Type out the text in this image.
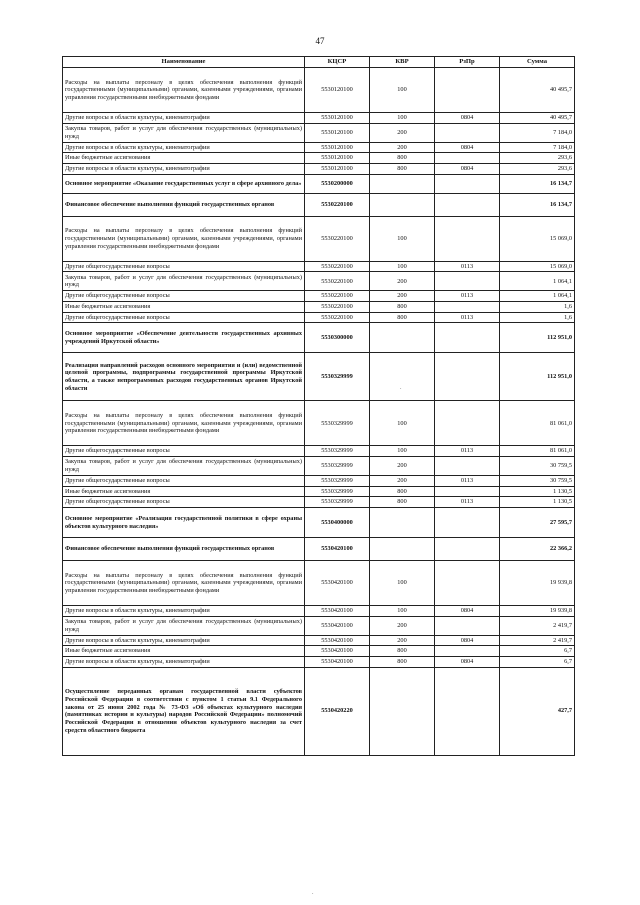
47
Наименование	КЦСР	КВР	РзПр	Сумма
Расходы на выплаты персоналу в целях обеспечения выполнения функций государственными (муниципальными) органами, казенными учреждениями, органами управления государственными внебюджетными фондами	5530120100	100		40 495,7
Другие вопросы в области культуры, кинематографии	5530120100	100	0804	40 495,7
Закупка товаров, работ и услуг для обеспечения государственных (муниципальных) нужд	5530120100	200		7 184,0
Другие вопросы в области культуры, кинематографии	5530120100	200	0804	7 184,0
Иные бюджетные ассигнования	5530120100	800		293,6
Другие вопросы в области культуры, кинематографии	5530120100	800	0804	293,6
Основное мероприятие «Оказание государственных услуг в сфере архивного дела»	5530200000			16 134,7
Финансовое обеспечение выполнения функций государственных органов	5530220100			16 134,7
Расходы на выплаты персоналу в целях обеспечения выполнения функций государственными (муниципальными) органами, казенными учреждениями, органами управления государственными внебюджетными фондами	5530220100	100		15 069,0
Другие общегосударственные вопросы	5530220100	100	0113	15 069,0
Закупка товаров, работ и услуг для обеспечения государственных (муниципальных) нужд	5530220100	200		1 064,1
Другие общегосударственные вопросы	5530220100	200	0113	1 064,1
Иные бюджетные ассигнования	5530220100	800		1,6
Другие общегосударственные вопросы	5530220100	800	0113	1,6
Основное мероприятие «Обеспечение деятельности государственных архивных учреждений Иркутской области»	5530300000			112 951,0
Реализация направлений расходов основного мероприятия и (или) ведомственной целевой программы, подпрограммы государственной программы Иркутской области, а также непрограммных расходов государственных органов Иркутской области	5530329999			112 951,0
Расходы на выплаты персоналу в целях обеспечения выполнения функций государственными (муниципальными) органами, казенными учреждениями, органами управления государственными внебюджетными фондами	5530329999	100		81 061,0
Другие общегосударственные вопросы	5530329999	100	0113	81 061,0
Закупка товаров, работ и услуг для обеспечения государственных (муниципальных) нужд	5530329999	200		30 759,5
Другие общегосударственные вопросы	5530329999	200	0113	30 759,5
Иные бюджетные ассигнования	5530329999	800		1 130,5
Другие общегосударственные вопросы	5530329999	800	0113	1 130,5
Основное мероприятие «Реализация государственной политики в сфере охраны объектов культурного наследия»	5530400000			27 595,7
Финансовое обеспечение выполнения функций государственных органов	5530420100			22 366,2
Расходы на выплаты персоналу в целях обеспечения выполнения функций государственными (муниципальными) органами, казенными учреждениями, органами управления государственными внебюджетными фондами	5530420100	100		19 939,8
Другие вопросы в области культуры, кинематографии	5530420100	100	0804	19 939,8
Закупка товаров, работ и услуг для обеспечения государственных (муниципальных) нужд	5530420100	200		2 419,7
Другие вопросы в области культуры, кинематографии	5530420100	200	0804	2 419,7
Иные бюджетные ассигнования	5530420100	800		6,7
Другие вопросы в области культуры, кинематографии	5530420100	800	0804	6,7
Осуществление переданных органам государственной власти субъектов Российской Федерации в соответствии с пунктом 1 статьи 9.1 Федерального закона от 25 июня 2002 года № 73-ФЗ «Об объектах культурного наследия (памятниках истории и культуры) народов Российской Федерации» полномочий Российской Федерации в отношении объектов культурного наследия за счет средств областного бюджета	5530420220			427,7
.
.
